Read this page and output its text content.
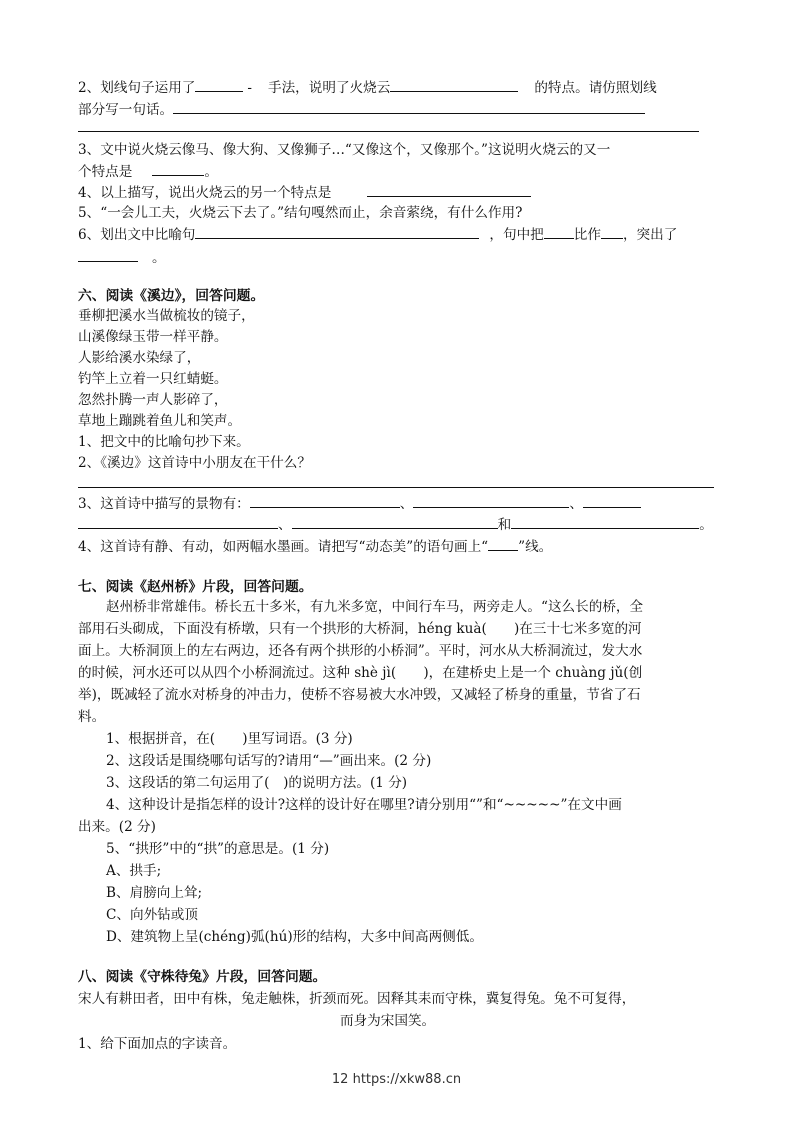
2、划线句子运用了	- 手法，说明了火烧云	的特点。请仿照划线
部分写一句话。
3、文中说火烧云像马、像大狗、又像狮子…“又像这个，又像那个。”这说明火烧云的又一
个特点是	。
4、以上描写，说出火烧云的另一个特点是
5、“一会儿工夫，火烧云下去了。”结句嘎然而止，余音萦绕，有什么作用?
6、划出文中比喻句	，句中把 比作 ，突出了
。
六、阅读《溪边》，回答问题。
垂柳把溪水当做梳妆的镜子，
山溪像绿玉带一样平静。
人影给溪水染绿了，
钓竿上立着一只红蜻蜓。
忽然扑腾一声人影碎了，
草地上蹦跳着鱼儿和笑声。
1、把文中的比喻句抄下来。
2、《溪边》这首诗中小朋友在干什么？
3、这首诗中描写的景物有：	、	、
、	和	。
4、这首诗有静、有动，如两幅水墨画。请把写“动态美”的语句画上“ ”线。
七、阅读《赵州桥》片段，回答问题。
赵州桥非常雄伟。桥长五十多米，有九米多宽，中间行车马，两旁走人。“这么长的桥，全
部用石头砌成，下面没有桥墩，只有一个拱形的大桥洞，héng kuà(　　)在三十七米多宽的河
面上。大桥洞顶上的左右两边，还各有两个拱形的小桥洞”。平时，河水从大桥洞流过，发大水
的时候，河水还可以从四个小桥洞流过。这种 shè jì(　　)，在建桥史上是一个 chuàng jǔ(创
举)，既减轻了流水对桥身的冲击力，使桥不容易被大水冲毁，又减轻了桥身的重量，节省了石
料。
1、根据拼音，在(　　)里写词语。(3 分)
2、这段话是围绕哪句话写的?请用“—”画出来。(2 分)
3、这段话的第二句运用了(　)的说明方法。(1 分)
4、这种设计是指怎样的设计?这样的设计好在哪里?请分别用“”和“~~~~~”在文中画
出来。(2 分)
5、“拱形”中的“拱”的意思是。(1 分)
A、拱手;
B、肩膀向上耸;
C、向外钻或顶
D、建筑物上呈(chéng)弧(hú)形的结构，大多中间高两侧低。
八、阅读《守株待兔》片段，回答问题。
宋人有耕田者，田中有株，兔走触株，折颈而死。因释其耒而守株，冀复得兔。兔不可复得，
而身为宋国笑。
1、给下面加点的字读音。
12 https://xkw88.cn
